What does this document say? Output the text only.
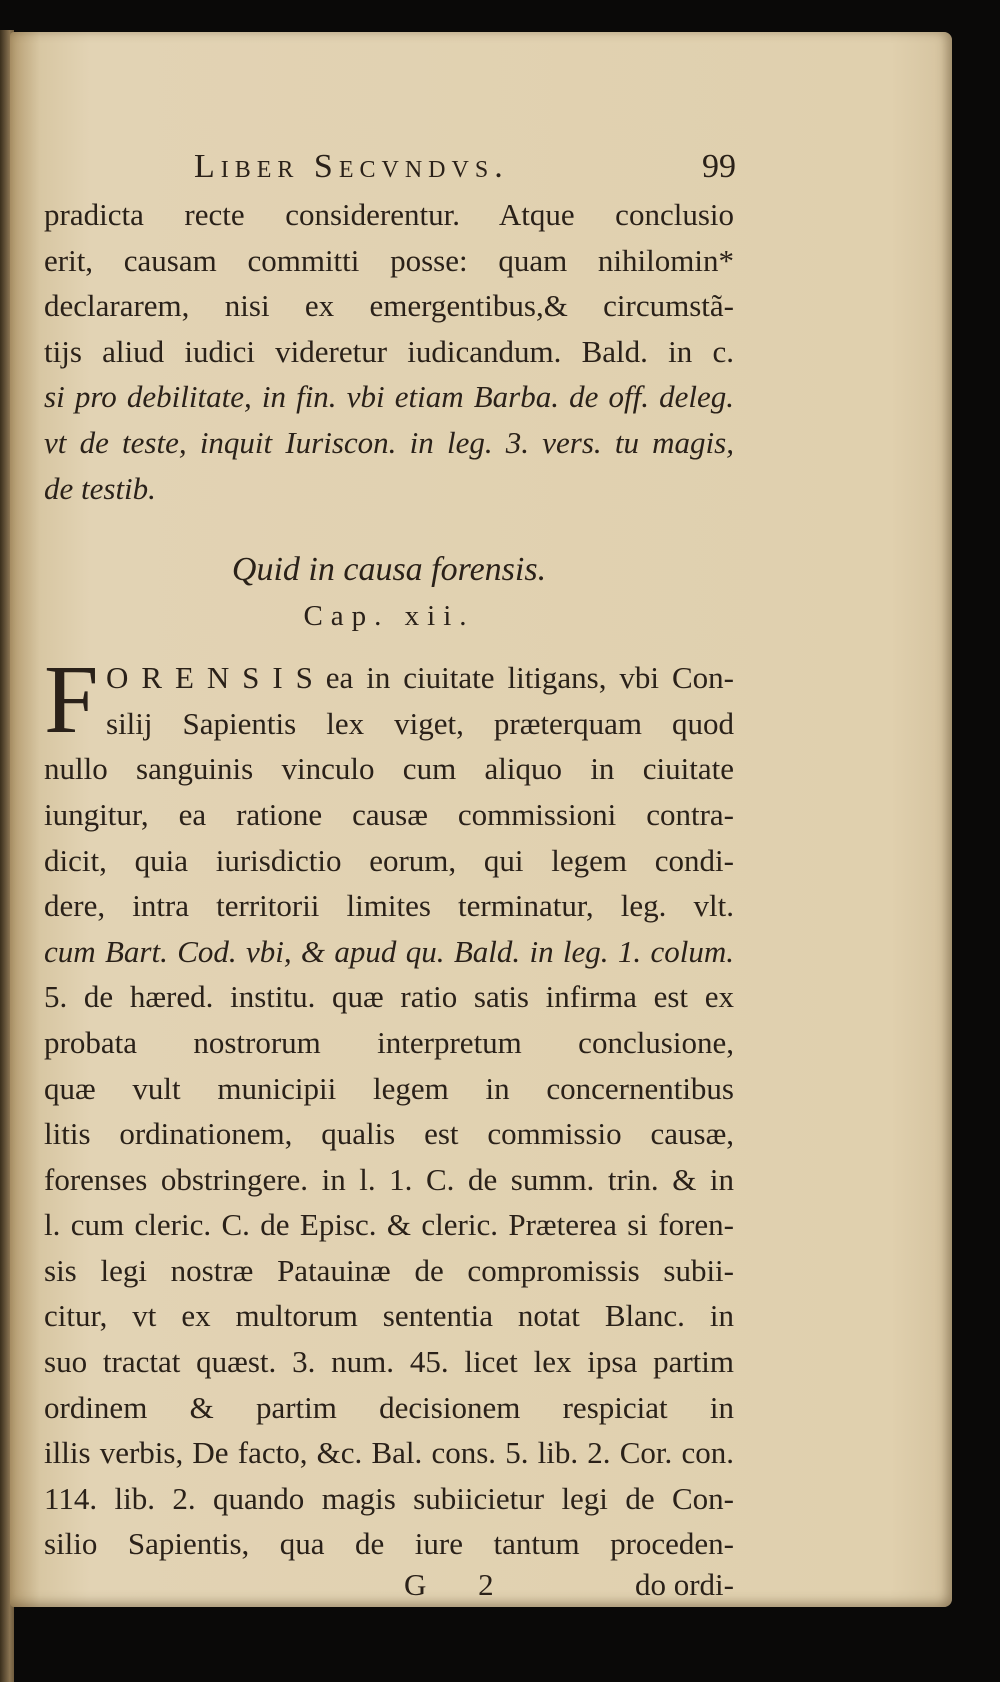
Liber Secvndvs.	99
pradicta recte considerentur. Atque conclusio
erit, causam committi posse: quam nihilomin*
declararem, nisi ex emergentibus,& circumstã-
tijs aliud iudici videretur iudicandum. Bald. in c.
si pro debilitate, in fin. vbi etiam Barba. de off. deleg.
vt de teste, inquit Iuriscon. in leg. 3. vers. tu magis,
de testib.
Quid in causa forensis.
Cap. xii.
F O R E N S I S ea in ciuitate litigans, vbi Con-
silij Sapientis lex viget, præterquam quod
nullo sanguinis vinculo cum aliquo in ciuitate
iungitur, ea ratione causæ commissioni contra-
dicit, quia iurisdictio eorum, qui legem condi-
dere, intra territorii limites terminatur, leg. vlt.
cum Bart. Cod. vbi, & apud qu. Bald. in leg. 1. colum.
5. de hæred. institu. quæ ratio satis infirma est ex
probata nostrorum interpretum conclusione,
quæ vult municipii legem in concernentibus
litis ordinationem, qualis est commissio causæ,
forenses obstringere. in l. 1. C. de summ. trin. & in
l. cum cleric. C. de Episc. & cleric. Præterea si foren-
sis legi nostræ Patauinæ de compromissis subii-
citur, vt ex multorum sententia notat Blanc. in
suo tractat quæst. 3. num. 45. licet lex ipsa partim
ordinem & partim decisionem respiciat in
illis verbis, De facto, &c. Bal. cons. 5. lib. 2. Cor. con.
114. lib. 2. quando magis subiicietur legi de Con-
silio Sapientis, qua de iure tantum proceden-
G 2	do ordi-
